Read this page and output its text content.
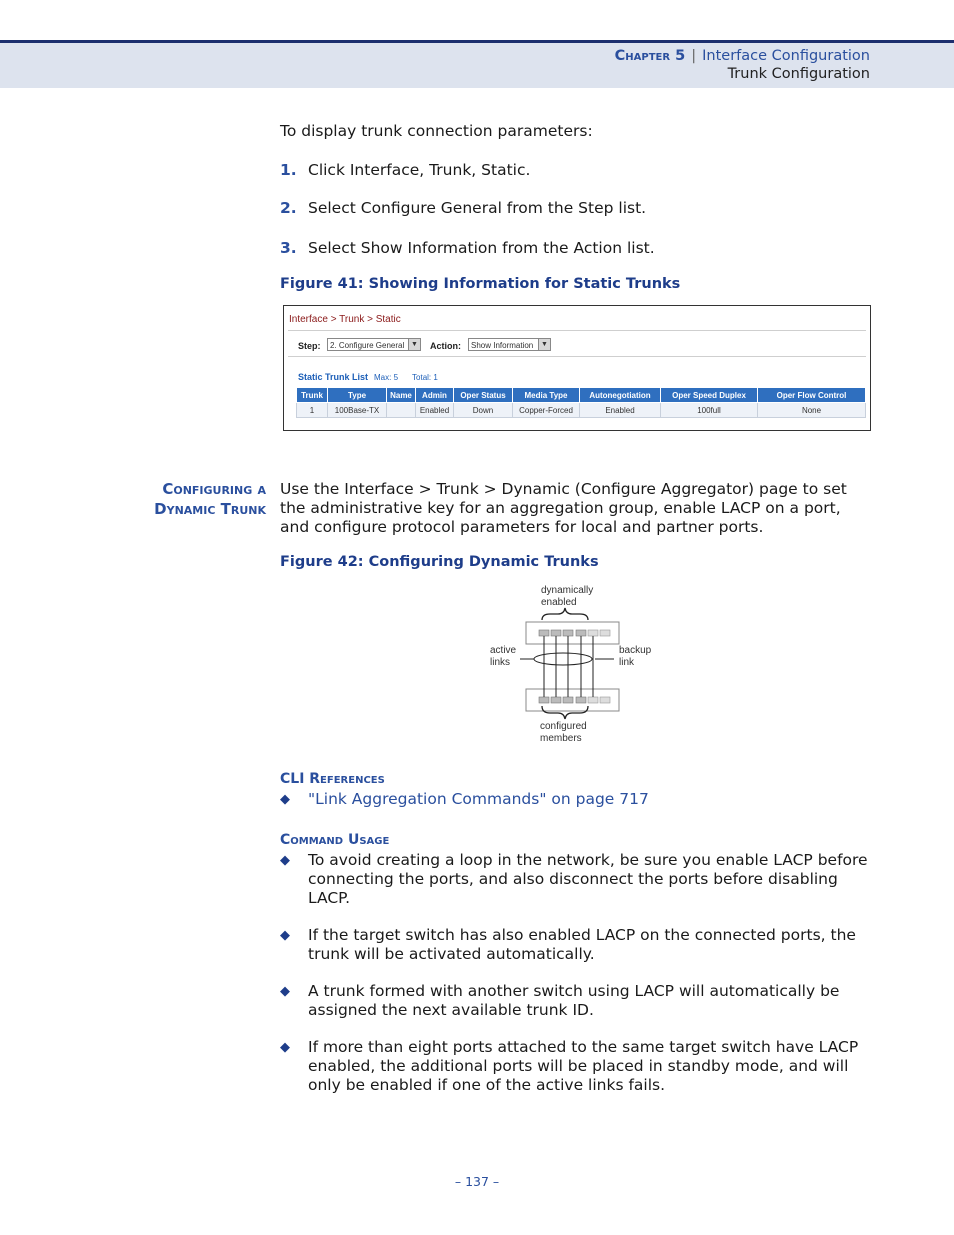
Chapter 5 | Interface Configuration
Trunk Configuration
To display trunk connection parameters:
1. Click Interface, Trunk, Static.
2. Select Configure General from the Step list.
3. Select Show Information from the Action list.
Figure 41: Showing Information for Static Trunks
Interface > Trunk > Static
Step:	2. Configure General ▼ Action:	Show Information	▼
Static Trunk List Max: 5 Total: 1
Trunk	Type	Name	Admin	Oper Status	Media Type	Autonegotiation	Oper Speed Duplex	Oper Flow Control
1	100Base-TX		Enabled	Down	Copper-Forced	Enabled	100full	None
Configuring a
Dynamic Trunk
Use the Interface > Trunk > Dynamic (Configure Aggregator) page to set the administrative key for an aggregation group, enable LACP on a port, and configure protocol parameters for local and partner ports.
Figure 42: Configuring Dynamic Trunks
dynamically
enabled
active
links
backup
link
configured
members
CLI References
◆ "Link Aggregation Commands" on page 717
Command Usage
◆ To avoid creating a loop in the network, be sure you enable LACP before connecting the ports, and also disconnect the ports before disabling LACP.
◆ If the target switch has also enabled LACP on the connected ports, the trunk will be activated automatically.
◆ A trunk formed with another switch using LACP will automatically be assigned the next available trunk ID.
◆ If more than eight ports attached to the same target switch have LACP enabled, the additional ports will be placed in standby mode, and will only be enabled if one of the active links fails.
– 137 –
